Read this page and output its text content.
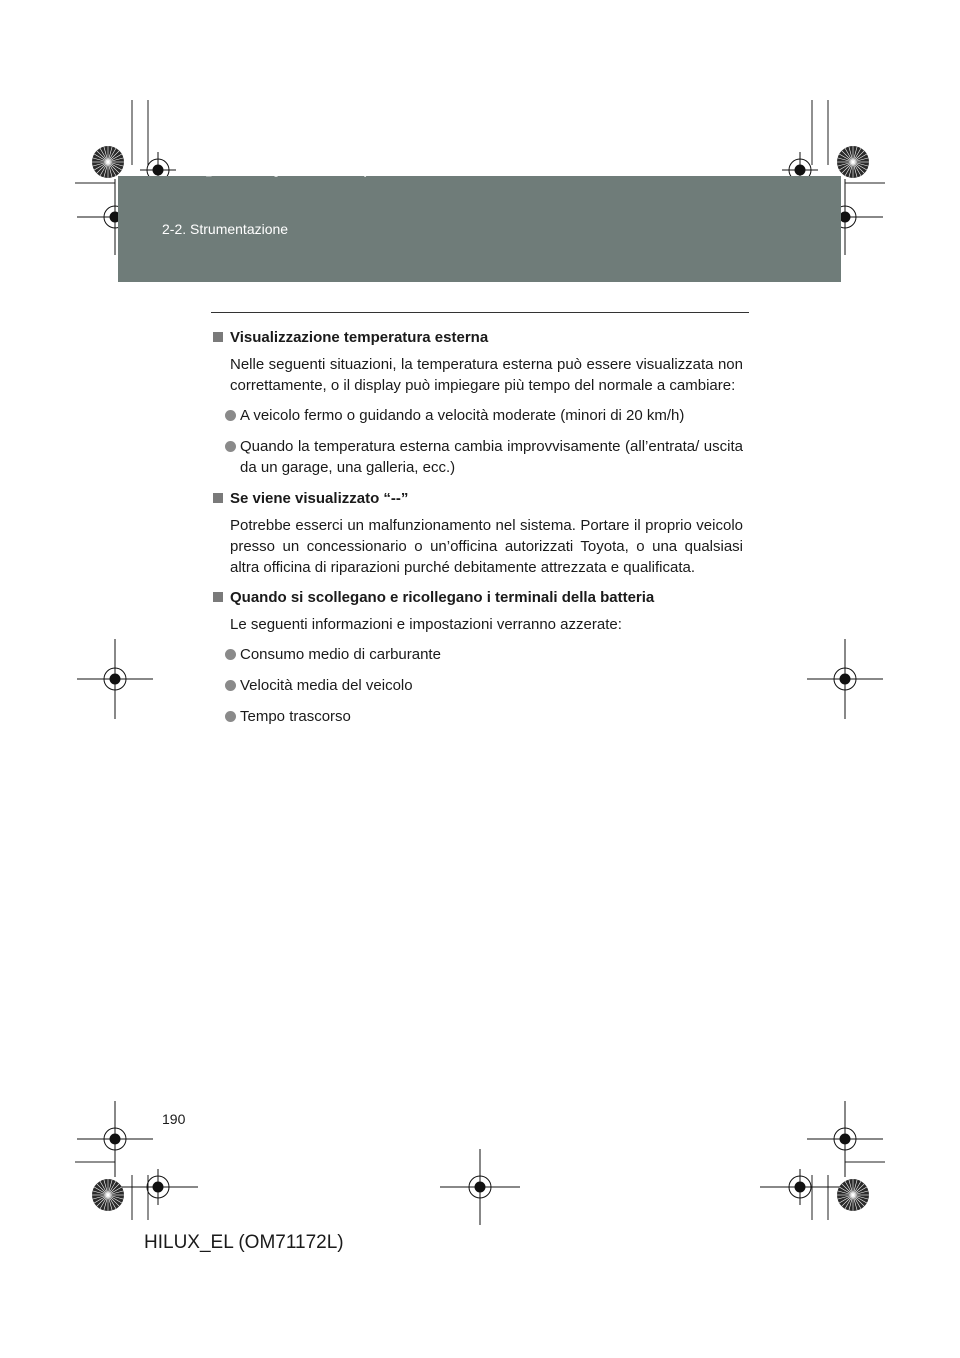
2-2. Strumentazione
HILUX_EL.book  Page 190  Wednesday, March 23, 2011  3:30 PM
Visualizzazione temperatura esterna

Nelle seguenti situazioni, la temperatura esterna può essere visualizzata non correttamente, o il display può impiegare più tempo del normale a cambiare:

A veicolo fermo o guidando a velocità moderate (minori di 20 km/h)
Quando la temperatura esterna cambia improvvisamente (all’entrata/ uscita da un garage, una galleria, ecc.)
Se viene visualizzato “--”

Potrebbe esserci un malfunzionamento nel sistema. Portare il proprio veicolo presso un concessionario o un’officina autorizzati Toyota, o una qualsiasi altra officina di riparazioni purché debitamente attrezzata e qualificata.

Quando si scollegano e ricollegano i terminali della batteria

Le seguenti informazioni e impostazioni verranno azzerate:

Consumo medio di carburante
Velocità media del veicolo
Tempo trascorso
190
HILUX_EL (OM71172L)
